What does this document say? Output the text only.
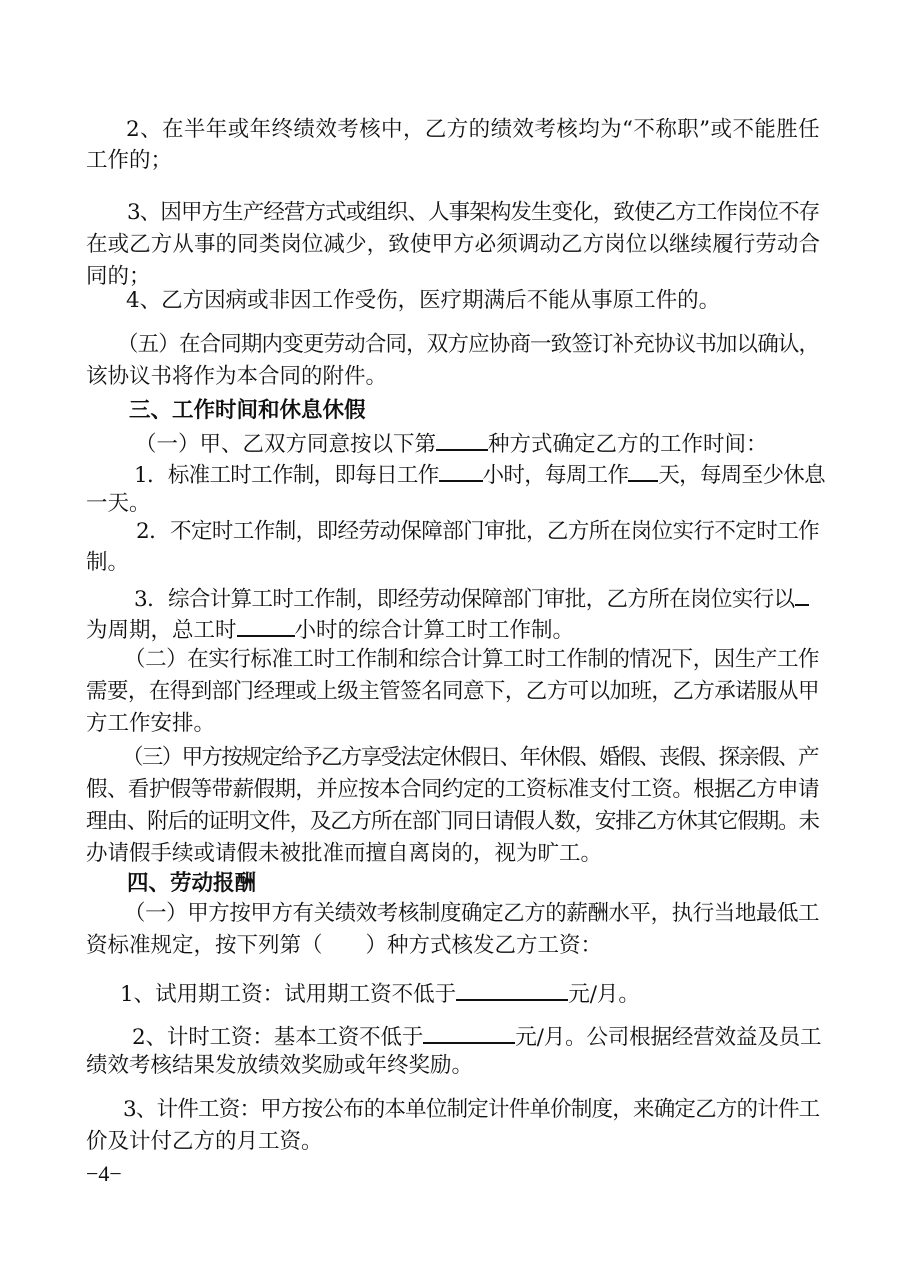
2、在半年或年终绩效考核中，乙方的绩效考核均为“不称职”或不能胜任
工作的；
3、因甲方生产经营方式或组织、人事架构发生变化，致使乙方工作岗位不存
在或乙方从事的同类岗位减少，致使甲方必须调动乙方岗位以继续履行劳动合
同的；
4、乙方因病或非因工作受伤，医疗期满后不能从事原工件的。
（五）在合同期内变更劳动合同，双方应协商一致签订补充协议书加以确认，
该协议书将作为本合同的附件。
三、工作时间和休息休假
（一）甲、乙双方同意按以下第 种方式确定乙方的工作时间：
1．标准工时工作制，即每日工作 小时，每周工作 天，每周至少休息
一天。
2．不定时工作制，即经劳动保障部门审批，乙方所在岗位实行不定时工作
制。
3．综合计算工时工作制，即经劳动保障部门审批，乙方所在岗位实行以
为周期，总工时	小时的综合计算工时工作制。
（二）在实行标准工时工作制和综合计算工时工作制的情况下，因生产工作
需要，在得到部门经理或上级主管签名同意下，乙方可以加班，乙方承诺服从甲
方工作安排。
（三）甲方按规定给予乙方享受法定休假日、年休假、婚假、丧假、探亲假、产
假、看护假等带薪假期，并应按本合同约定的工资标准支付工资。根据乙方申请
理由、附后的证明文件，及乙方所在部门同日请假人数，安排乙方休其它假期。未
办请假手续或请假未被批准而擅自离岗的，视为旷工。
四、劳动报酬
（一）甲方按甲方有关绩效考核制度确定乙方的薪酬水平，执行当地最低工
资标准规定，按下列第（　　）种方式核发乙方工资：
1、试用期工资：试用期工资不低于	元/月。
2、计时工资：基本工资不低于	元/月。公司根据经营效益及员工
绩效考核结果发放绩效奖励或年终奖励。
3、计件工资：甲方按公布的本单位制定计件单价制度，来确定乙方的计件工
价及计付乙方的月工资。
−4−
